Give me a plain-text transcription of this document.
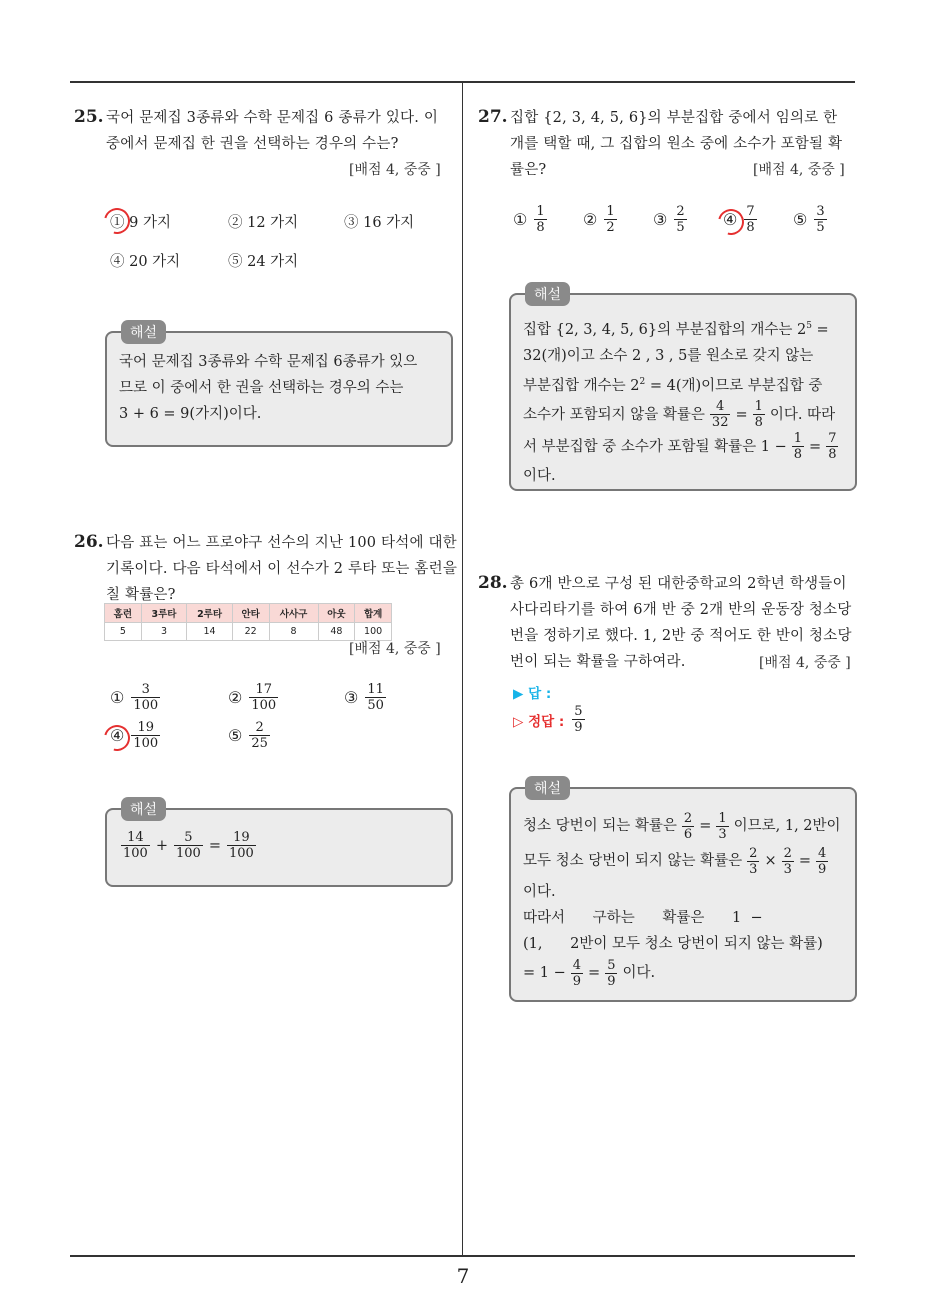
25. 국어 문제집 3종류와 수학 문제집 6 종류가 있다. 이
중에서 문제집 한 권을 선택하는 경우의 수는?
[배점 4, 중중 ]
① 9 가지	② 12 가지	③ 16 가지
④ 20 가지	⑤ 24 가지
해설
국어 문제집 3종류와 수학 문제집 6종류가 있으
므로 이 중에서 한 권을 선택하는 경우의 수는
3 + 6 = 9(가지)이다.
26. 다음 표는 어느 프로야구 선수의 지난 100 타석에 대한
기록이다. 다음 타석에서 이 선수가 2 루타 또는 홈런을
칠 확률은?
홈런	3루타	2루타	안타	사사구	아웃	합계
5	3	14	22	8	48	100
[배점 4, 중중 ]
① $\frac{3}{100}$	② $\frac{17}{100}$	③ $\frac{11}{50}$
④ $\frac{19}{100}$	⑤ $\frac{2}{25}$
해설
$\frac{14}{100} + \frac{5}{100} = \frac{19}{100}$
27. 집합 {2, 3, 4, 5, 6}의 부분집합 중에서 임의로 한
개를 택할 때, 그 집합의 원소 중에 소수가 포함될 확
률은?	[배점 4, 중중 ]
① $\frac{1}{8}$ ② $\frac{1}{2}$ ③ $\frac{2}{5}$ ④ $\frac{7}{8}$ ⑤ $\frac{3}{5}$
해설
집합 {2, 3, 4, 5, 6}의 부분집합의 개수는 $2^5$ =
32(개)이고 소수 2 , 3 , 5를 원소로 갖지 않는
부분집합 개수는 $2^2 = 4$(개)이므로 부분집합 중
소수가 포함되지 않을 확률은 $\frac{4}{32} = \frac{1}{8}$ 이다. 따라
서 부분집합 중 소수가 포함될 확률은 $1 - \frac{1}{8} = \frac{7}{8}$
이다.
28. 총 6개 반으로 구성 된 대한중학교의 2학년 학생들이
사다리타기를 하여 6개 반 중 2개 반의 운동장 청소당
번을 정하기로 했다. 1, 2반 중 적어도 한 반이 청소당
번이 되는 확률을 구하여라.	[배점 4, 중중 ]
▶ 답 :
▷ 정답 : $\frac{5}{9}$
해설
청소 당번이 되는 확률은 $\frac{2}{6} = \frac{1}{3}$ 이므로, 1, 2반이
모두 청소 당번이 되지 않는 확률은 $\frac{2}{3} \times \frac{2}{3} = \frac{4}{9}$
이다.
따라서      구하는      확률은      1  −
(1,      2반이 모두 청소 당번이 되지 않는 확률)
= $1 - \frac{4}{9} = \frac{5}{9}$ 이다.
7
